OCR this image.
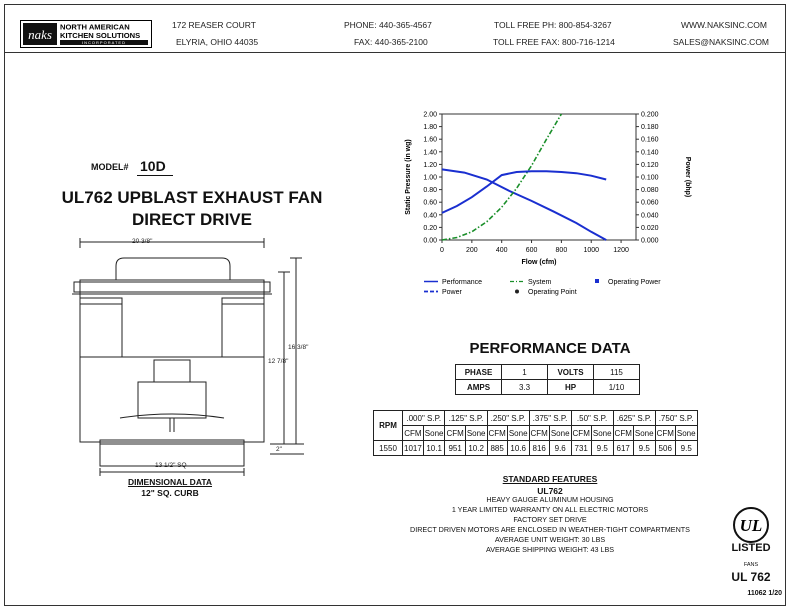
naks NORTH AMERICAN
KITCHEN SOLUTIONS
INCORPORATED
172 REASER COURT
ELYRIA, OHIO 44035
PHONE: 440-365-4567
FAX: 440-365-2100
TOLL FREE PH: 800-854-3267
TOLL FREE FAX: 800-716-1214
WWW.NAKSINC.COM
SALES@NAKSINC.COM
MODEL# 10D
UL762 UPBLAST EXHAUST FAN
DIRECT DRIVE
20 3/8"
16 3/8"
12 7/8"
2"
13 1/2" SQ
DIMENSIONAL DATA
12" SQ. CURB
0	200	400	600	800 1000 1200
0.00
0.20
0.40
0.60
0.80
1.00
1.20
1.40
1.60
1.80
2.00
0.000
0.020
0.040
0.060
0.080
0.100
0.120
0.140
0.160
0.180
0.200
Flow (cfm)
Static Pressure (in wg)	Power (bhp)
Performance	System	Operating Power
Power	Operating Point
PERFORMANCE DATA
PHASE	1	VOLTS	115
AMPS	3.3	HP	1/10
RPM	.000" S.P.		.125" S.P.		.250" S.P.		.375" S.P.		.50" S.P.		.625" S.P.		.750" S.P.	
	CFM	Sone	CFM	Sone	CFM	Sone	CFM	Sone	CFM	Sone	CFM	Sone	CFM	Sone
1550	1017	10.1	951	10.2	885	10.6	816	9.6	731	9.5	617	9.5	506	9.5
STANDARD FEATURES
UL762
HEAVY GAUGE ALUMINUM HOUSING
1 YEAR LIMITED WARRANTY ON ALL ELECTRIC MOTORS
FACTORY SET DRIVE
DIRECT DRIVEN MOTORS ARE ENCLOSED IN WEATHER-TIGHT COMPARTMENTS
AVERAGE UNIT WEIGHT: 30 LBS
AVERAGE SHIPPING WEIGHT: 43 LBS
UL
LISTED
FANS
UL 762
11062 1/20
